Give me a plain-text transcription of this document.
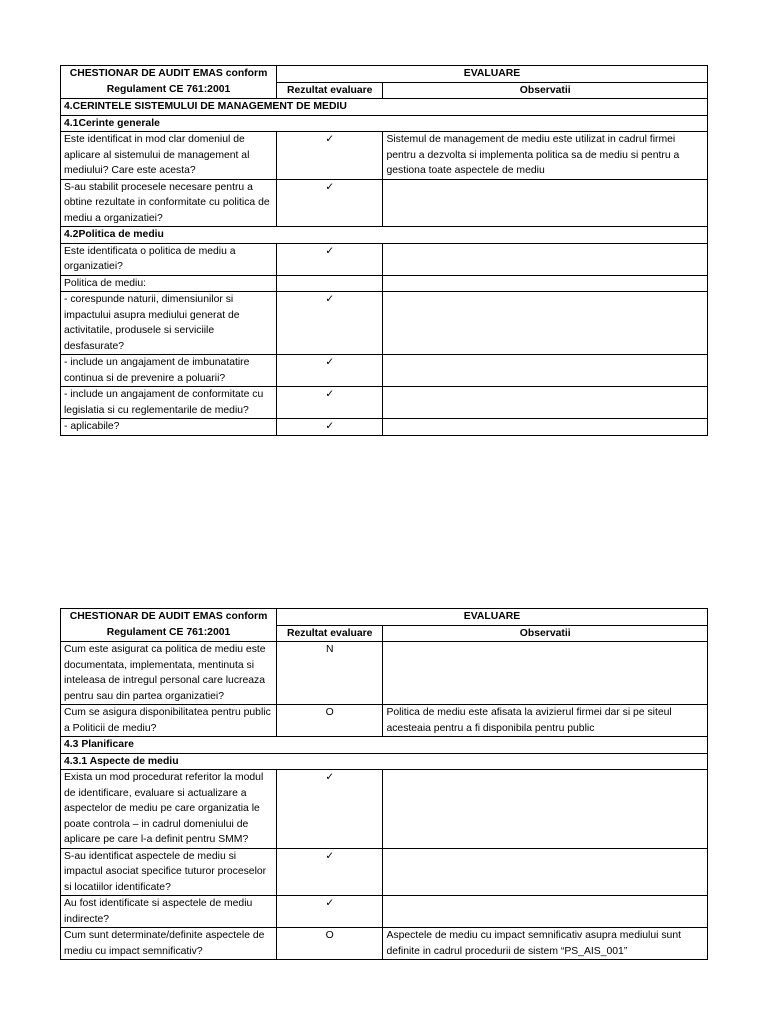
CHESTIONAR DE AUDIT EMAS conform Regulament CE 761:2001	EVALUARE	
	Rezultat evaluare	Observatii
4.CERINTELE SISTEMULUI DE MANAGEMENT DE MEDIU		
4.1Cerinte generale		
Este identificat in mod clar domeniul de aplicare al sistemului de management al mediului? Care este acesta?	✓	Sistemul de management de mediu este utilizat in cadrul firmei pentru a dezvolta si implementa politica sa de mediu si pentru a gestiona toate aspectele de mediu
S-au stabilit procesele necesare pentru a obtine rezultate in conformitate cu politica de mediu a organizatiei?	✓	
4.2Politica de mediu		
Este identificata o politica de mediu a organizatiei?	✓	
Politica de mediu:		
- corespunde naturii, dimensiunilor si impactului asupra mediului generat de activitatile, produsele si serviciile desfasurate?	✓	
- include un angajament de imbunatatire continua si de prevenire a poluarii?	✓	
- include un angajament de conformitate cu legislatia si cu reglementarile de mediu?	✓	
- aplicabile?	✓	
CHESTIONAR DE AUDIT EMAS conform Regulament CE 761:2001	EVALUARE	
	Rezultat evaluare	Observatii
Cum este asigurat ca politica de mediu este documentata, implementata, mentinuta si inteleasa de intregul personal care lucreaza pentru sau din partea organizatiei?	N	
Cum se asigura disponibilitatea pentru public a Politicii de mediu?	O	Politica de mediu este afisata la avizierul firmei dar si pe siteul acesteaia pentru a fi disponibila pentru public
4.3 Planificare		
4.3.1 Aspecte de mediu		
Exista un mod procedurat referitor la modul de identificare, evaluare si actualizare a aspectelor de mediu pe care organizatia le poate controla – in cadrul domeniului de aplicare pe care l-a definit pentru SMM?	✓	
S-au identificat aspectele de mediu si impactul asociat specifice tuturor proceselor si locatiilor identificate?	✓	
Au fost identificate si aspectele de mediu indirecte?	✓	
Cum sunt determinate/definite aspectele de mediu cu impact semnificativ?	O	Aspectele de mediu cu impact semnificativ asupra mediului sunt definite in cadrul procedurii de sistem “PS_AIS_001”
